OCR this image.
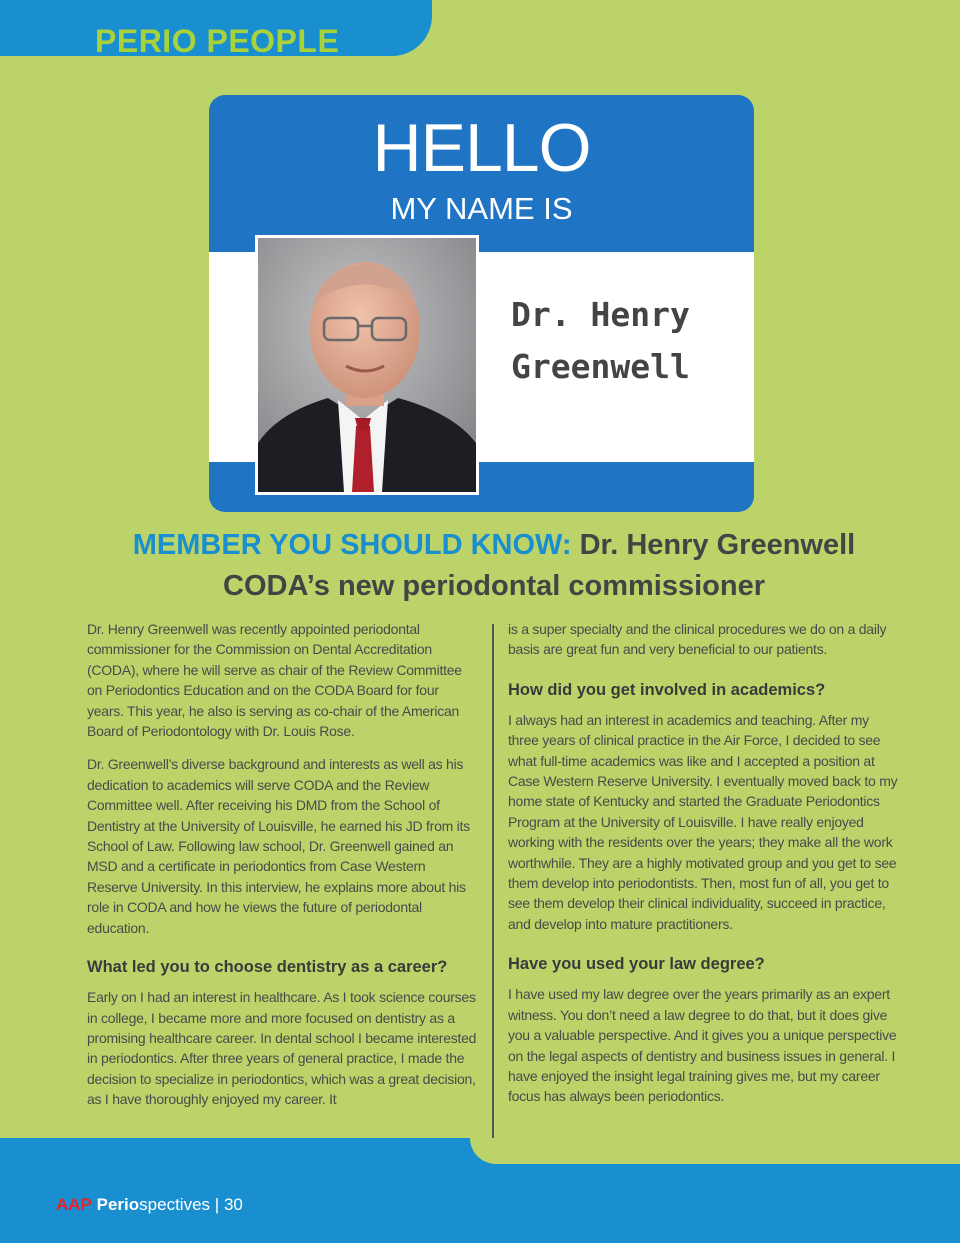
PERIO PEOPLE
HELLO
MY NAME IS
Dr. Henry
Greenwell
MEMBER YOU SHOULD KNOW: Dr. Henry Greenwell
CODA’s new periodontal commissioner

Dr. Henry Greenwell was recently appointed periodontal commissioner for the Commission on Dental Accreditation (CODA), where he will serve as chair of the Review Committee on Periodontics Education and on the CODA Board for four years. This year, he also is serving as co-chair of the American Board of Periodontology with Dr. Louis Rose.

Dr. Greenwell’s diverse background and interests as well as his dedication to academics will serve CODA and the Review Committee well. After receiving his DMD from the School of Dentistry at the University of Louisville, he earned his JD from its School of Law. Following law school, Dr. Greenwell gained an MSD and a certificate in periodontics from Case Western Reserve University. In this interview, he explains more about his role in CODA and how he views the future of periodontal education.

What led you to choose dentistry as a career?

Early on I had an interest in healthcare. As I took science courses in college, I became more and more focused on dentistry as a promising healthcare career. In dental school I became interested in periodontics. After three years of general practice, I made the decision to specialize in periodontics, which was a great decision, as I have thoroughly enjoyed my career. It

is a super specialty and the clinical procedures we do on a daily basis are great fun and very beneficial to our patients.

How did you get involved in academics?

I always had an interest in academics and teaching. After my three years of clinical practice in the Air Force, I decided to see what full-time academics was like and I accepted a position at Case Western Reserve University. I eventually moved back to my home state of Kentucky and started the Graduate Periodontics Program at the University of Louisville. I have really enjoyed working with the residents over the years; they make all the work worthwhile. They are a highly motivated group and you get to see them develop into periodontists. Then, most fun of all, you get to see them develop their clinical individuality, succeed in practice, and develop into mature practitioners.

Have you used your law degree?

I have used my law degree over the years primarily as an expert witness. You don’t need a law degree to do that, but it does give you a valuable perspective. And it gives you a unique perspective on the legal aspects of dentistry and business issues in general. I have enjoyed the insight legal training gives me, but my career focus has always been periodontics.

AAP Periospectives | 30
